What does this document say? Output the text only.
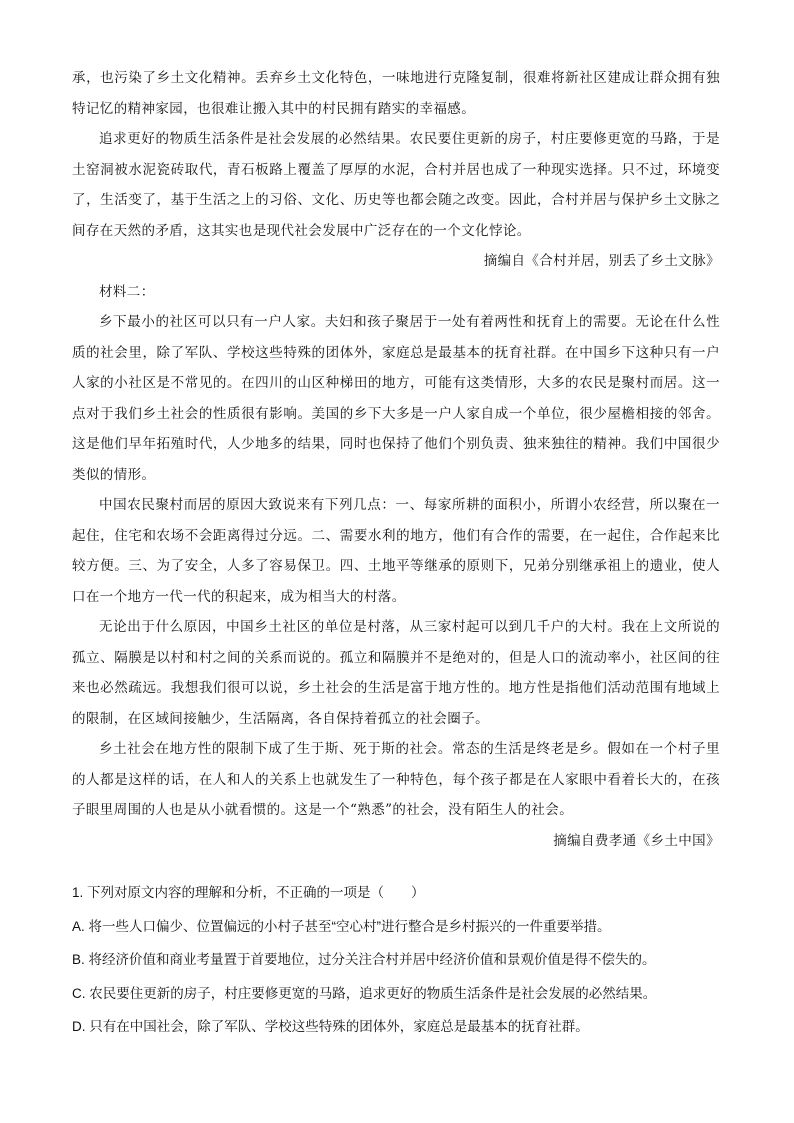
承，也污染了乡土文化精神。丢弃乡土文化特色，一味地进行克隆复制，很难将新社区建成让群众拥有独特记忆的精神家园，也很难让搬入其中的村民拥有踏实的幸福感。

追求更好的物质生活条件是社会发展的必然结果。农民要住更新的房子，村庄要修更宽的马路，于是土窑洞被水泥瓷砖取代，青石板路上覆盖了厚厚的水泥，合村并居也成了一种现实选择。只不过，环境变了，生活变了，基于生活之上的习俗、文化、历史等也都会随之改变。因此，合村并居与保护乡土文脉之间存在天然的矛盾，这其实也是现代社会发展中广泛存在的一个文化悖论。

摘编自《合村并居，别丢了乡土文脉》

材料二：

乡下最小的社区可以只有一户人家。夫妇和孩子聚居于一处有着两性和抚育上的需要。无论在什么性质的社会里，除了军队、学校这些特殊的团体外，家庭总是最基本的抚育社群。在中国乡下这种只有一户人家的小社区是不常见的。在四川的山区种梯田的地方，可能有这类情形，大多的农民是聚村而居。这一点对于我们乡土社会的性质很有影响。美国的乡下大多是一户人家自成一个单位，很少屋檐相接的邻舍。这是他们早年拓殖时代，人少地多的结果，同时也保持了他们个别负责、独来独往的精神。我们中国很少类似的情形。

中国农民聚村而居的原因大致说来有下列几点：一、每家所耕的面积小，所谓小农经营，所以聚在一起住，住宅和农场不会距离得过分远。二、需要水利的地方，他们有合作的需要，在一起住，合作起来比较方便。三、为了安全，人多了容易保卫。四、土地平等继承的原则下，兄弟分别继承祖上的遗业，使人口在一个地方一代一代的积起来，成为相当大的村落。

无论出于什么原因，中国乡土社区的单位是村落，从三家村起可以到几千户的大村。我在上文所说的孤立、隔膜是以村和村之间的关系而说的。孤立和隔膜并不是绝对的，但是人口的流动率小，社区间的往来也必然疏远。我想我们很可以说，乡土社会的生活是富于地方性的。地方性是指他们活动范围有地域上的限制，在区域间接触少，生活隔离，各自保持着孤立的社会圈子。

乡土社会在地方性的限制下成了生于斯、死于斯的社会。常态的生活是终老是乡。假如在一个村子里的人都是这样的话，在人和人的关系上也就发生了一种特色，每个孩子都是在人家眼中看着长大的，在孩子眼里周围的人也是从小就看惯的。这是一个“熟悉”的社会，没有陌生人的社会。

摘编自费孝通《乡土中国》

1. 下列对原文内容的理解和分析，不正确的一项是（　　）

A. 将一些人口偏少、位置偏远的小村子甚至“空心村”进行整合是乡村振兴的一件重要举措。

B. 将经济价值和商业考量置于首要地位，过分关注合村并居中经济价值和景观价值是得不偿失的。

C. 农民要住更新的房子，村庄要修更宽的马路，追求更好的物质生活条件是社会发展的必然结果。

D. 只有在中国社会，除了军队、学校这些特殊的团体外，家庭总是最基本的抚育社群。
